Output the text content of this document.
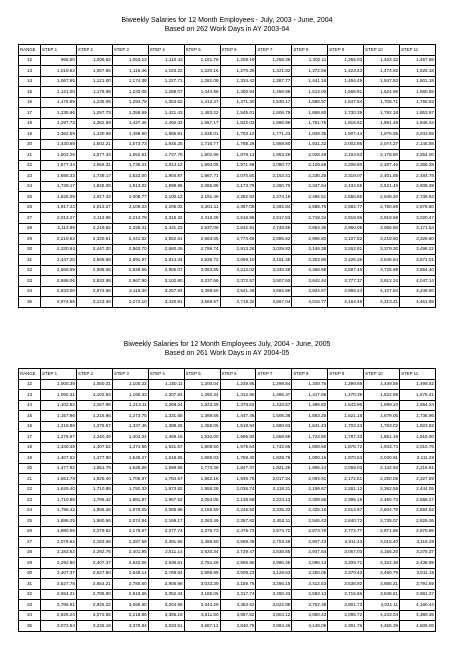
Biweekly Salaries for 12 Month Employees - July, 2003 - June, 2004
Based on 262 Work Days in AY 2003-04
RANGE	STEP 1	STEP 2	STEP 3	STEP 4	STEP 5	STEP 6	STEP 7	STEP 8	STEP 9	STEP 10	STEP 11
12	958.50	1,008.62	1,053.13	1,110.42	1,161.76	1,208.19	1,258.39	1,302.11	1,355.03	1,403.32	1,457.88
13	1,019.62	1,067.65	1,116.46	1,163.22	1,220.16	1,270.39	1,321.82	1,372.56	1,423.43	1,474.92	1,525.18
14	1,067.65	1,121.00	1,174.38	1,227.71	1,281.08	1,334.42	1,387.77	1,441.16	1,494.49	1,547.83	1,601.18
15	1,121.00	1,176.99	1,233.05	1,289.07	1,344.96	1,400.94	1,456.99	1,513.00	1,568.91	1,624.98	1,680.88
16	1,176.99	1,236.09	1,294.78	1,353.62	1,412.47	1,471.30	1,530.17	1,588.97	1,647.84	1,706.71	1,765.53
17	1,235.96	1,297.73	1,359.69	1,421.43	1,483.22	1,545.01	1,606.79	1,668.60	1,730.39	1,792.18	1,853.97
18	1,297.73	1,362.59	1,427.45	1,492.33	1,557.17	1,622.03	1,686.89	1,751.75	1,816.62	1,881.48	1,946.34
19	1,362.59	1,430.69	1,498.80	1,566.91	1,635.01	1,703.12	1,771.23	1,839.35	1,907.44	1,975.55	2,043.65
20	1,430.69	1,502.21	1,573.73	1,645.25	1,716.77	1,788.29	1,859.80	1,931.32	2,002.86	2,074.37	2,145.88
21	1,502.26	1,577.44	1,652.61	1,727.78	1,802.96	1,878.13	1,953.29	2,028.48	2,103.63	2,178.80	2,254.00
22	1,577.44	1,656.31	1,735.21	1,814.12	1,893.05	1,971.98	2,050.77	2,129.66	2,208.60	2,287.46	2,366.28
23	1,656.33	1,739.17	1,822.00	1,904.87	1,987.71	2,070.50	2,153.41	2,236.25	2,319.07	2,401.88	2,484.78
24	1,739.17	1,826.09	1,913.02	1,999.96	2,086.88	2,173.79	2,260.70	2,347.64	2,434.55	2,521.48	2,608.39
25	1,826.09	1,917.43	2,008.77	2,100.12	2,191.46	2,282.82	2,374.16	2,465.51	2,556.85	2,648.20	2,739.53
26	1,917.43	2,013.27	2,109.23	2,205.02	2,301.11	2,397.08	2,492.84	2,588.76	2,684.77	2,780.89	2,876.80
27	2,013.27	2,113.96	2,214.79	2,315.32	2,416.28	2,516.96	2,617.53	2,718.34	2,818.96	2,919.56	3,020.47
28	2,113.99	2,219.62	2,325.41	2,431.23	2,537.06	2,642.81	2,748.56	2,854.36	2,960.05	3,065.80	3,171.54
29	2,219.62	2,330.61	2,441.62	2,552.61	2,663.65	2,774.66	2,885.62	2,996.60	3,107.62	3,218.60	3,329.60
30	2,330.64	2,447.20	2,563.70	2,680.26	2,796.74	2,913.26	3,029.83	3,146.38	3,262.81	3,379.30	3,496.22
31	2,447.20	2,569.58	2,691.97	2,814.34	2,936.72	3,059.10	3,181.48	3,303.90	3,426.26	3,548.64	3,671.01
32	2,569.59	2,698.06	2,826.56	2,955.07	3,083.55	3,212.02	3,340.48	3,468.99	3,597.46	3,725.99	3,854.40
33	2,698.06	2,832.98	2,967.90	3,102.80	3,237.68	3,372.57	3,507.50	3,642.44	3,777.37	3,912.24	4,047.14
34	2,833.00	2,974.66	3,116.30	3,257.94	3,399.60	3,541.28	3,682.89	3,824.57	3,966.24	4,107.84	4,249.50
35	2,974.66	3,123.36	3,272.10	3,420.81	3,569.57	3,718.32	3,867.04	4,015.77	4,164.49	4,313.21	4,461.95
Biweekly Salaries for 12 Month Employees July, 2004 - June, 2005
Based on 261 Work Days in AY 2004-05
RANGE	STEP 1	STEP 2	STEP 3	STEP 4	STEP 5	STEP 6	STEP 7	STEP 8	STEP 9	STEP 10	STEP 11
12	1,000.39	1,050.31	1,100.22	1,150.11	1,200.04	1,249.95	1,299.84	1,349.76	1,399.69	1,449.59	1,499.52
13	1,050.31	1,102.82	1,155.33	1,207.84	1,260.34	1,312.86	1,365.37	1,417.88	1,470.38	1,522.89	1,575.41
14	1,102.82	1,157.96	1,213.11	1,268.24	1,323.39	1,378.53	1,433.67	1,488.82	1,543.96	1,599.10	1,654.24
15	1,157.96	1,215.86	1,273.75	1,331.65	1,389.56	1,447.46	1,505.36	1,563.25	1,621.16	1,679.06	1,736.96
16	1,215.86	1,276.67	1,337.46	1,398.25	1,459.05	1,519.84	1,580.63	1,641.43	1,702.23	1,763.02	1,823.82
17	1,276.67	1,340.49	1,404.34	1,468.16	1,532.00	1,595.83	1,659.69	1,723.50	1,787.33	1,851.19	1,915.00
18	1,340.49	1,407.52	1,474.56	1,541.57	1,608.60	1,675.64	1,742.66	1,809.68	1,876.72	1,943.73	2,010.76
19	1,407.52	1,477.90	1,548.27	1,618.65	1,689.03	1,759.40	1,829.78	1,900.16	1,970.53	2,040.91	2,111.28
20	1,477.92	1,551.79	1,625.68	1,699.58	1,773.48	1,847.37	1,921.26	1,995.14	2,069.03	2,142.93	2,216.81
21	1,551.79	1,629.40	1,706.97	1,784.57	1,862.18	1,939.76	2,017.34	2,094.91	2,172.51	2,250.08	2,327.69
22	1,629.40	1,710.88	1,792.33	1,873.82	1,955.28	2,036.74	2,118.21	2,199.67	2,281.12	2,362.59	2,444.05
23	1,710.88	1,796.42	1,881.97	1,967.52	2,053.05	2,138.58	2,224.13	2,309.66	2,395.19	2,480.73	2,566.27
24	1,796.42	1,886.26	1,976.05	2,065.86	2,155.69	2,245.50	2,335.33	2,425.16	2,514.97	2,604.79	2,694.62
25	1,886.25	1,980.56	2,074.84	2,169.17	2,263.49	2,357.82	2,452.11	2,546.43	2,640.72	2,735.07	2,829.36
26	1,980.56	2,079.62	2,178.67	2,277.74	2,376.73	2,475.73	2,574.72	2,673.79	2,772.77	2,871.85	2,970.86
27	2,079.62	2,183.58	2,287.58	2,391.55	2,495.50	2,599.49	2,703.49	2,807.43	2,911.43	3,015.40	3,119.39
28	2,183.62	2,292.76	2,401.95	2,511.14	2,620.34	2,729.47	2,838.65	2,947.84	3,057.03	3,166.20	3,275.37
29	2,292.80	2,407.37	2,522.05	2,636.61	2,751.28	2,865.86	2,980.45	3,095.13	3,209.71	3,324.38	3,438.99
30	2,407.37	2,527.80	2,648.14	2,768.54	2,888.89	3,009.23	3,129.63	3,250.05	3,370.43	3,490.79	3,611.15
31	2,527.78	2,654.21	2,780.60	2,906.98	3,033.39	3,159.76	3,286.15	3,412.53	3,538.92	3,665.31	3,791.69
32	2,654.21	2,786.90	2,919.66	3,052.34	3,185.06	3,317.74	3,450.43	3,583.13	3,715.86	3,848.61	3,981.27
33	2,786.91	2,926.22	3,065.60	3,204.95	3,344.29	3,483.62	3,622.98	3,762.38	3,901.73	4,041.11	4,180.44
34	2,926.24	3,072.55	3,218.86	3,365.19	3,511.50	3,657.82	3,804.12	3,950.43	4,096.72	4,243.04	4,389.35
35	3,072.54	3,226.19	3,379.84	3,533.51	3,687.12	3,840.78	3,994.46	4,148.08	4,301.76	4,455.39	4,609.06
